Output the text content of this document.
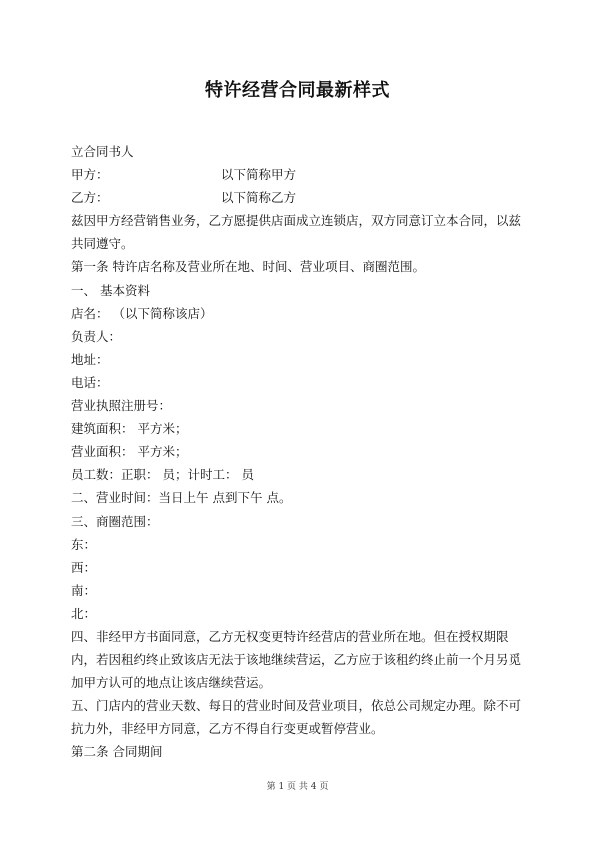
特许经营合同最新样式
立合同书人
甲方：	以下简称甲方
乙方：	以下简称乙方
兹因甲方经营销售业务，乙方愿提供店面成立连锁店，双方同意订立本合同，以兹共同遵守。
第一条 特许店名称及营业所在地、时间、营业项目、商圈范围。
一、 基本资料
店名： （以下简称该店）
负责人：
地址：
电话：
营业执照注册号：
建筑面积： 平方米；
营业面积： 平方米；
员工数：正职： 员；计时工： 员
二、营业时间：当日上午 点到下午 点。
三、商圈范围：
东：
西：
南：
北：
四、非经甲方书面同意，乙方无权变更特许经营店的营业所在地。但在授权期限内，若因租约终止致该店无法于该地继续营运，乙方应于该租约终止前一个月另觅加甲方认可的地点让该店继续营运。
五、门店内的营业天数、每日的营业时间及营业项目，依总公司规定办理。除不可抗力外，非经甲方同意，乙方不得自行变更或暂停营业。
第二条 合同期间
第 1 页 共 4 页
